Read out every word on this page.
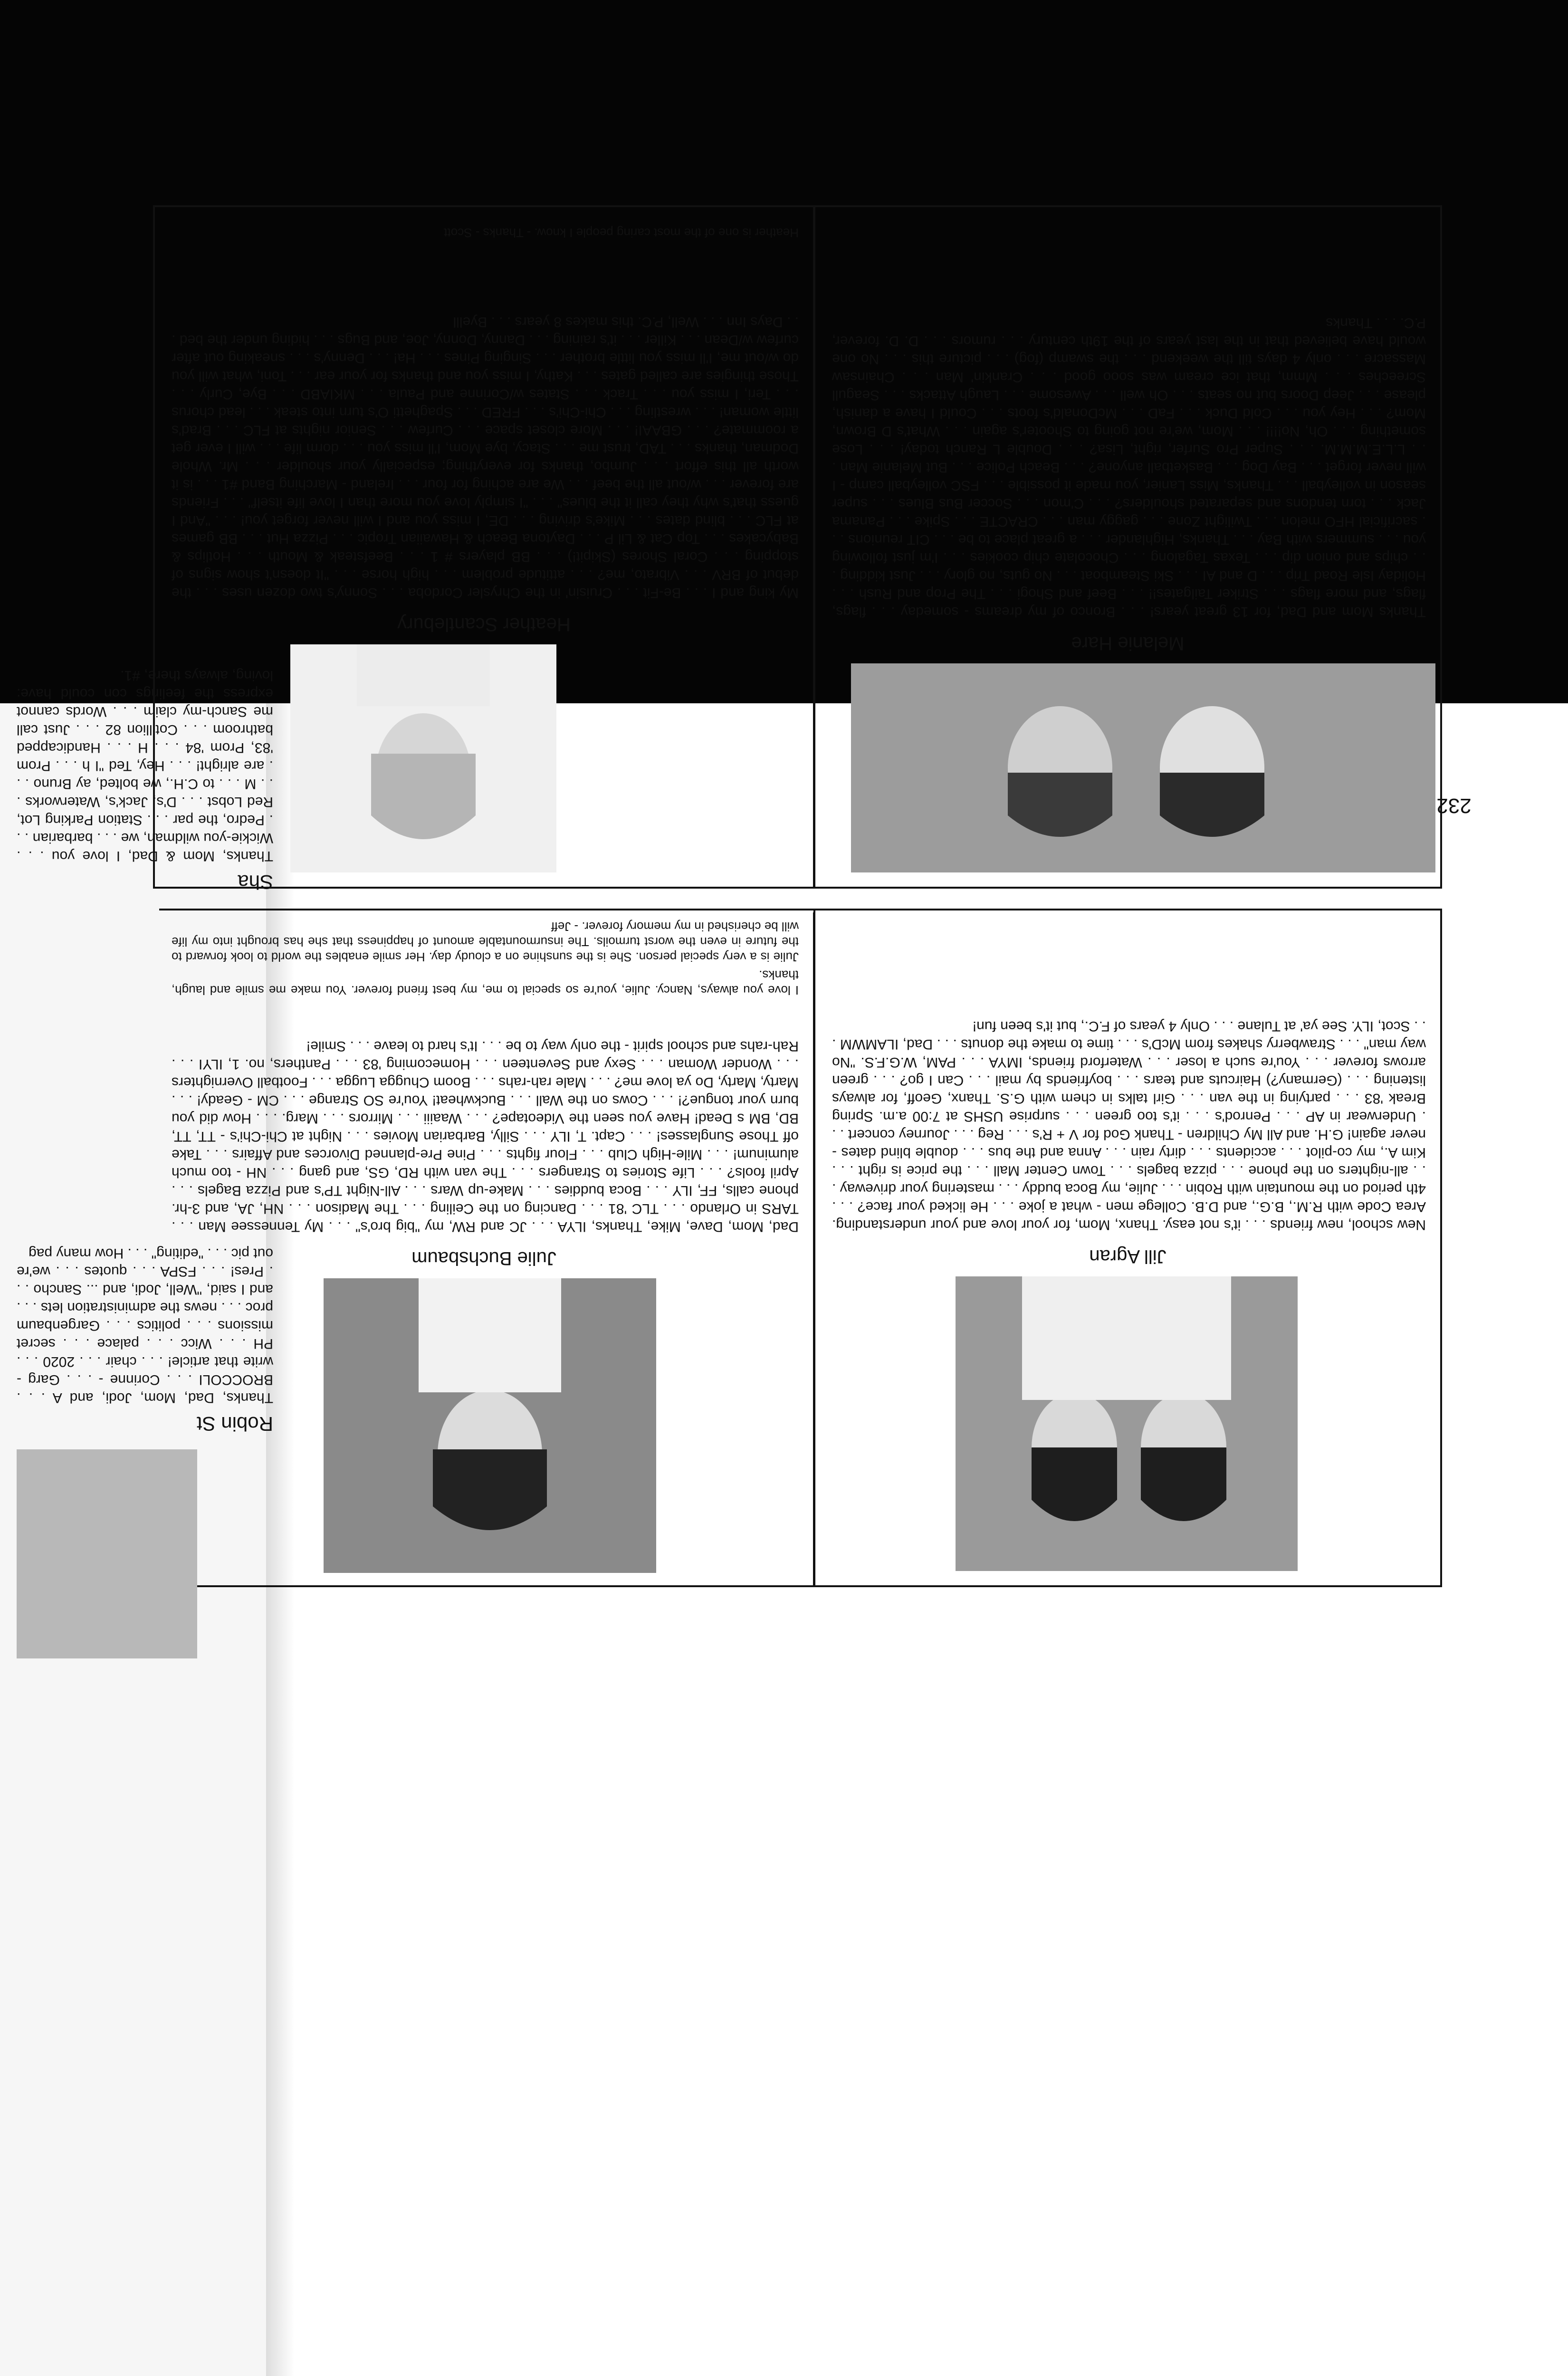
232
Jill Agran
New school, new friends . . . it's not easy. Thanx, Mom, for your love and your understanding. Area Code with R.M., B.G., and D.B. College men - what a joke . . . He licked your face? . . . 4th period on the mountain with Robin . . . Julie, my Boca buddy . . . mastering your driveway . . . all-nighters on the phone . . . pizza bagels . . . Town Center Mall . . . the price is right . . . Kim A., my co-pilot . . . accidents . . . dirty rain . . . Anna and the bus . . . double blind dates - never again! G.H. and All My Children - Thank God for V + R's . . . Reg . . . Journey concert . . . Underwear in AP . . . Penrod's . . . it's too green . . . surprise USHS at 7:00 a.m. Spring Break '83 . . . partying in the van . . . Girl talks in chem with G.S. Thanx, Geoff, for always listening . . . (Germany?) Haircuts and tears . . . boyfriends by mail . . . Can I go? . . . green arrows forever . . . You're such a loser . . . Waterford friends, IMYA . . . PAM, W.G.F.S. "No way man" . . . Strawberry shakes from McD's . . . time to make the donuts . . . Dad, ILAMWM . . . Scot, ILY. See ya' at Tulane . . . Only 4 years of F.C., but it's been fun!
Julie Buchsbaum
Dad, Mom, Dave, Mike, Thanks, ILYA . . . JC and RW, my "big bro's" . . . My Tennessee Man . . . TARS in Orlando . . . TLC '81 . . . Dancing on the Ceiling . . . The Madison . . . NH, JA, and 3-hr. phone calls, FF, ILY . . . Boca buddies . . . Make-up Wars . . . All-Night TP's and Pizza Bagels . . . April fools? . . . Life Stories to Strangers . . . The van with RD, GS, and gang . . . NH - too much aluminum! . . . Mile-High Club . . . Flour fights . . . Pine Pre-planned Divorces and Affairs . . . Take off Those Sunglasses! . . . Capt. T, ILY . . . Silly, Barbarian Movies . . . Night at Chi-Chi's - TT, TT, BD, BM s Dead! Have you seen the Videotape? . . . Waaiii . . . Mirrors . . . Marg. . . . How did you burn your tongue?! . . . Cows on the Wall . . . Buckwheat! You're SO Strange . . . CM - Geady! . . . Marty, Marty, Do ya love me? . . . Male rah-rahs . . . Boom Chugga Lugga . . . Football Overnighters . . . Wonder Woman . . . Sexy and Seventeen . . . Homecoming '83 . . . Panthers, no. 1, ILYI . . . Rah-rahs and school spirit - the only way to be . . . It's hard to leave . . . Smile!
I love you always, Nancy. Julie, you're so special to me, my best friend forever. You make me smile and laugh, thanks.
Julie is a very special person. She is the sunshine on a cloudy day. Her smile enables the world to look forward to the future in even the worst turmoils. The insurmountable amount of happiness that she has brought into my life will be cherished in my memory forever. - Jeff
Melanie Hare
Thanks Mom and Dad, for 13 great years! . . . Bronco of my dreams - someday . . . flags, flags, and more flags . . . Striker Tailgates!! . . . Beef and Shogi . . . The Prop and Rush . . . Holiday Isle Road Trip . . . D and AI . . . Ski Steamboat . . . No guts, no glory . . . Just kidding . . . chips and onion dip . . . Texas Tagalong . . . Chocolate chip cookies . . . I'm just following you . . . summers with Bay . . . Thanks, Highlander . . . a great place to be . . . CIT reunions . . . sacrificial HFO melon . . . Twilight Zone . . . gaggy man . . . CRACTE . . . Spike . . . Panama Jack . . . torn tendons and separated shoulders? . . . C'mon . . . Soccer Bus Blues . . . super season in volleyball . . . Thanks, Miss Lanier, you made it possible . . . FSC volleyball camp - I will never forget . . . Bay Dog . . . Basketball anyone? . . . Beach Police . . . But Melanie Man . . . L.L.E.M.M.M. . . . Super Pro Surfer, right, Lisa? . . . Double L Ranch today! . . . Lose something . . . Oh, No!!!! . . . Mom, we're not going to Shooter's again . . . What's D Brown, Mom? . . . Hey you . . . Cold Duck . . . FaD . . . McDonald's foots . . . Could I have a danish, please . . . Jeep Doors but no seats . . . Oh well . . . Awesome . . . Laugh Attacks . . . Seagull Screeches . . . Mmm, that ice cream was sooo good . . . Crankin' Man . . . Chainsaw Massacre . . . only 4 days till the weekend . . . the swamp (fog) . . . picture this . . . No one would have believed that in the last years of the 19th century . . . rumors . . . D. D. forever, P.C. . . . Thanks
Heather Scantlebury
My king and I . . . Be-Fit . . . Cruisin' in the Chrysler Cordoba . . . Sonny's two dozen uses . . . the debut of BRV . . . Vibrato, me? . . . attitude problem . . . high horse . . . "It doesn't show signs of stopping . . . Coral Shores (Skipit!) . . . BB players # 1 . . . Beefsteak & Mouth . . . Hotlips & Babycakes . . . Top Cat & Lil P . . . Daytona Beach & Hawaiian Tropic . . . Pizza Hut . . . BB games at FLC . . . blind dates . . . Mike's driving . . . DE, I miss you and I will never forget you! . . . "And I guess that's why they call it the blues" . . . "I simply love you more than I love life itself" . . . Friends are forever . . . w/out all the beef . . . We are aching for four . . . Ireland - Marching Band #1 . . . is it worth all this effort . . . Jumbo, thanks for everything; especially your shoulder . . . Mr. Whole Dodman, thanks . . . TAD, trust me . . . Stacy, bye Mom, I'll miss you . . . dorm life . . . will I ever get a roommate? . . . GBAAI! . . . More closet space . . . Curfew . . . Senior nights at FLC . . . Brad's little woman! . . . wrestling . . . Chi-Chi's . . . FRED . . . Spaghetti O's turn into steak . . . lead chorus . . . Teri, I miss you . . . Track . . . States w/Corinne and Paula . . . MKIABD . . . Bye, Curly . . . Those thingies are called gates . . . Kathy, I miss you and thanks for your ear . . . Toni, what will you do w/out me, I'll miss you little brother . . . Singing Pines . . . Ha! . . . Denny's . . . sneaking out after curfew w/Dean . . . Killer . . . it's raining . . . Danny, Donny, Joe, and Bugs . . . hiding under the bed . . . Days Inn . . . Well, P.C. this makes 8 years . . . Byelll
Heather is one of the most caring people I know. - Thanks - Scott
Robin St
Thanks, Dad, Mom, Jodi, and A . . . BROCCOLI . . . Corinne - . . . Garg - write that article! . . . chair . . . 2020 . . . PH . . . Wicc . . . palace . . . secret missions . . . politics . . . Gargenbaum proc . . . news the administration lets . . . and I said, "Well, Jodi, and ... Sancho . . . Pres! . . . FSPA . . . quotes . . . we're out pic . . . "editing" . . . How many pag
Sha
Thanks, Mom & Dad, I love you . . . Wickie-you wildman, we . . . barbarian . . . Pedro, the par . . . Station Parking Lot, Red Lobst . . . D's, Jack's, Waterworks . . . M . . . to C.H., we bolted, ay Bruno . . . are alright! . . . Hey, Ted "I h . . . Prom '83, Prom '84 . . . H . . . Handicapped bathroom . . . Cotillion 82 . . . Just call me Sanch-my claim . . . Words cannot express the feelings con could have: loving, always there, #1.
